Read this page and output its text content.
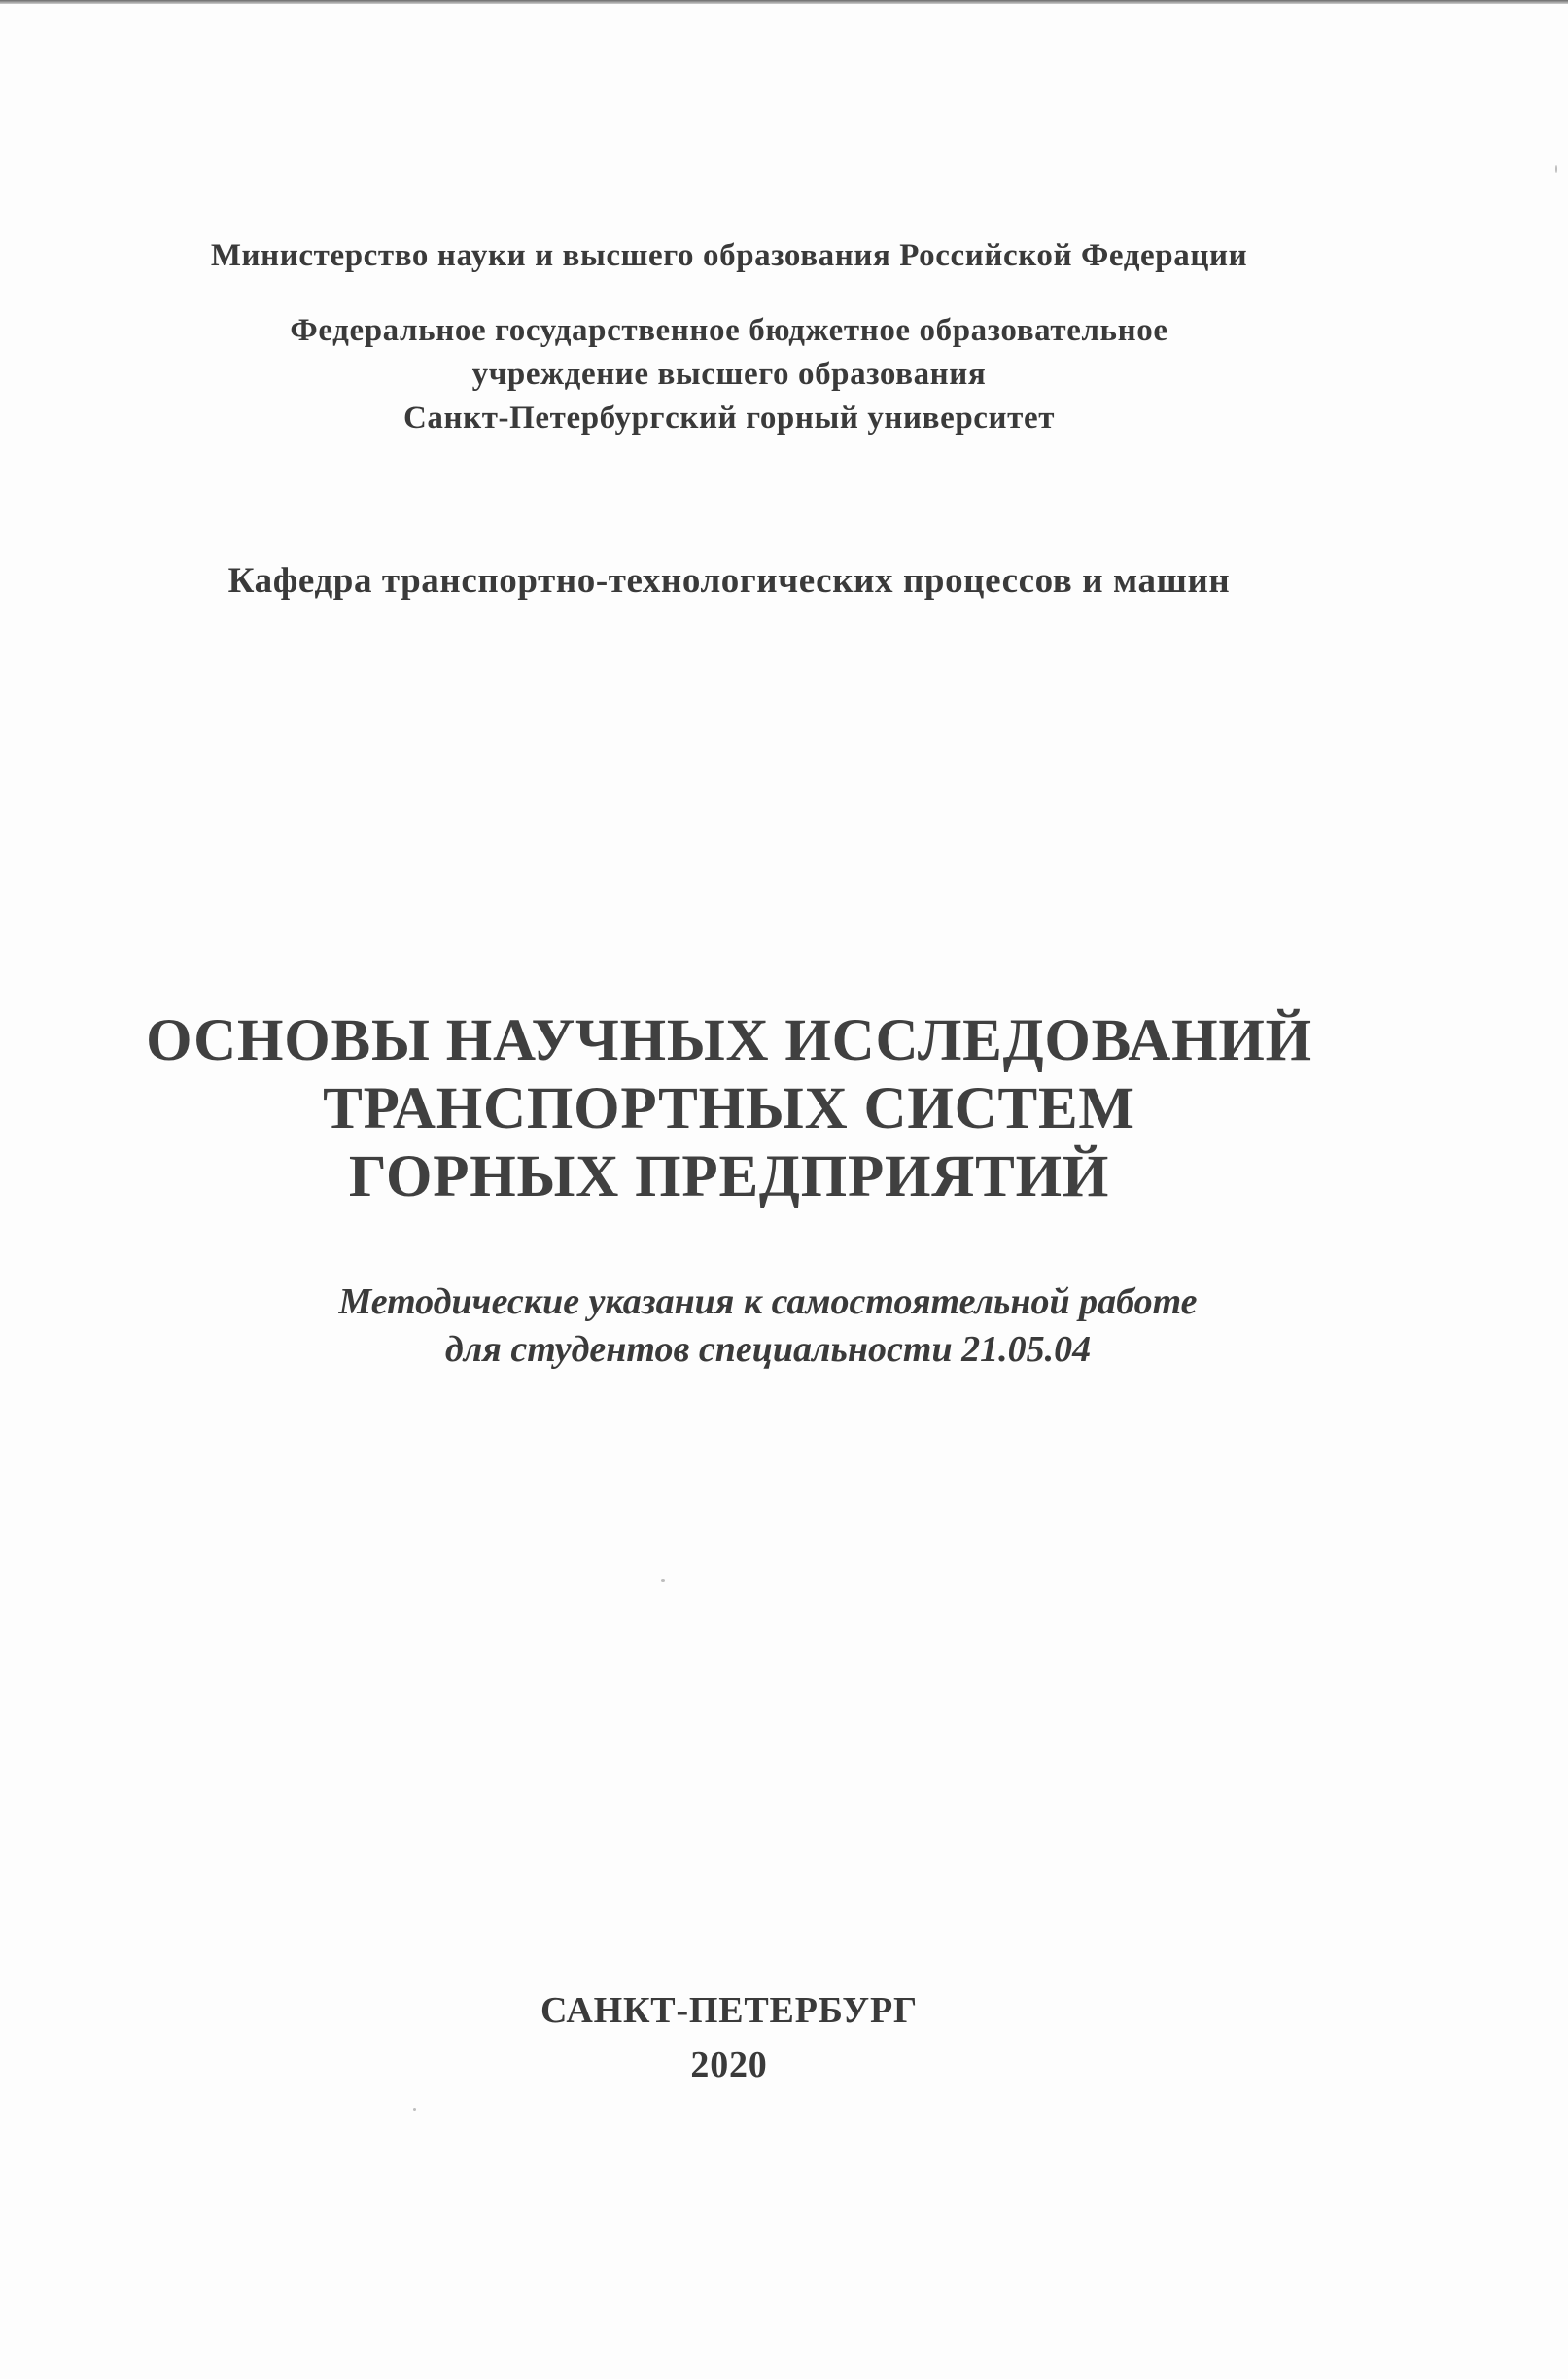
Министерство науки и высшего образования Российской Федерации
Федеральное государственное бюджетное образовательное
учреждение высшего образования
Санкт-Петербургский горный университет
Кафедра транспортно-технологических процессов и машин
ОСНОВЫ НАУЧНЫХ ИССЛЕДОВАНИЙ
ТРАНСПОРТНЫХ СИСТЕМ
ГОРНЫХ ПРЕДПРИЯТИЙ
Методические указания к самостоятельной работе
для студентов специальности 21.05.04
САНКТ-ПЕТЕРБУРГ
2020
